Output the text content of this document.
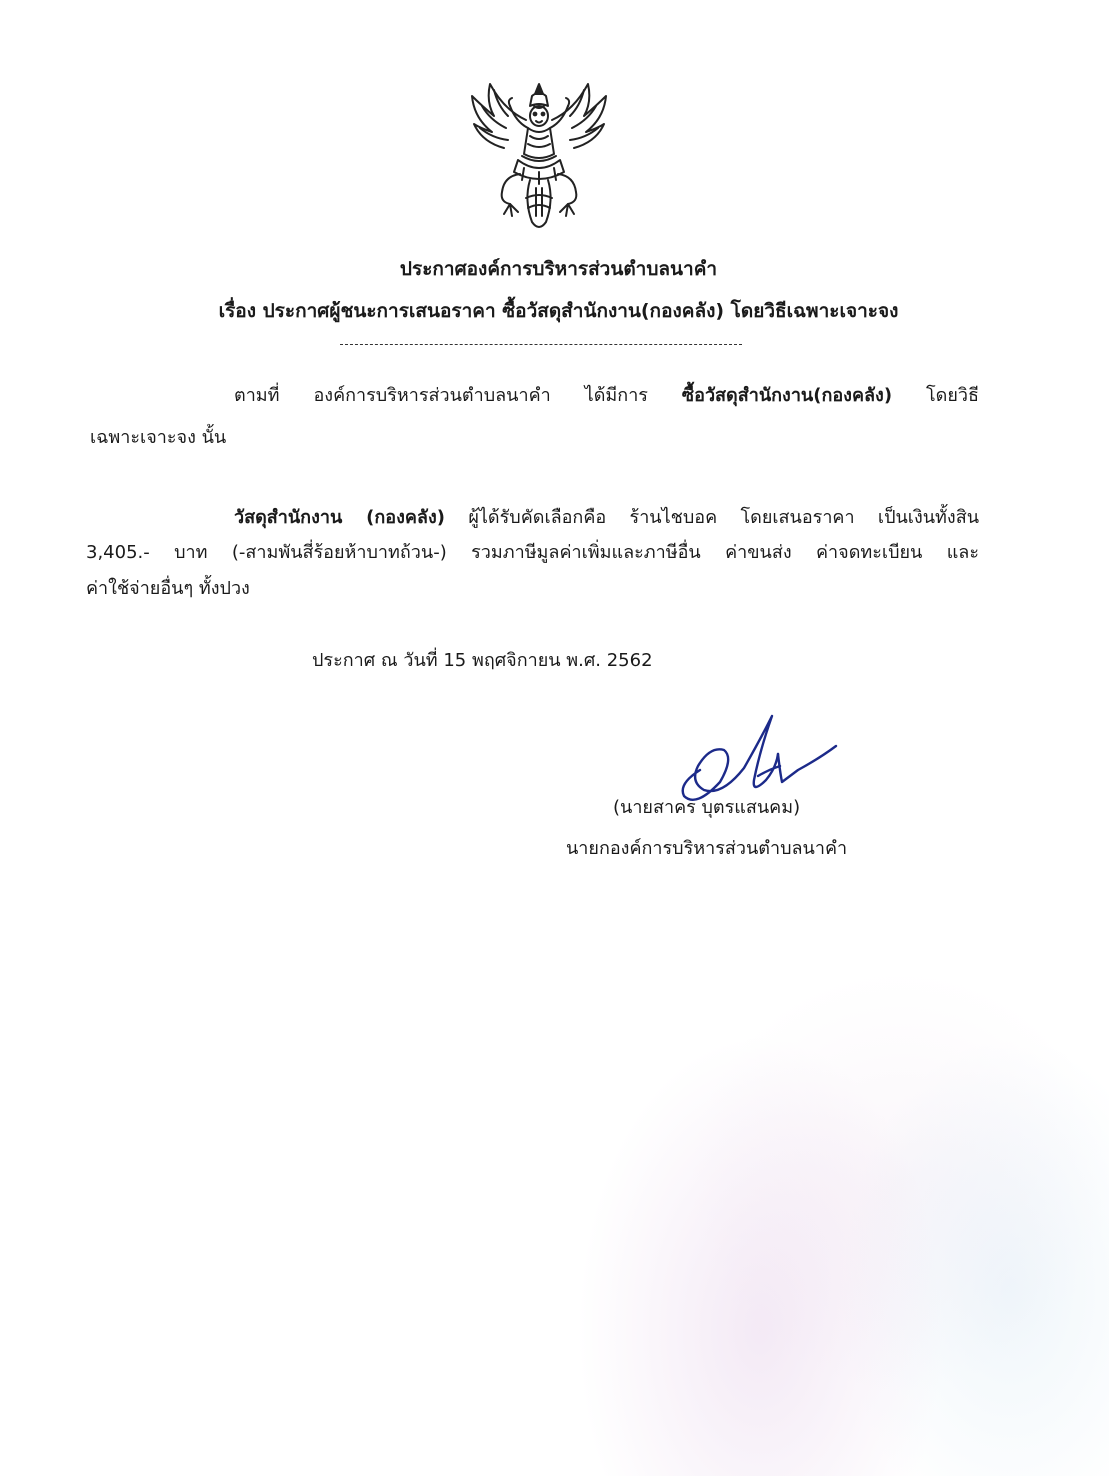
ประกาศองค์การบริหารส่วนตำบลนาคำ
เรื่อง ประกาศผู้ชนะการเสนอราคา ซื้อวัสดุสำนักงาน(กองคลัง) โดยวิธีเฉพาะเจาะจง
ตามที่ องค์การบริหารส่วนตำบลนาคำ ได้มีการ ซื้อวัสดุสำนักงาน(กองคลัง) โดยวิธี
เฉพาะเจาะจง นั้น
วัสดุสำนักงาน (กองคลัง) ผู้ได้รับคัดเลือกคือ ร้านไชบอค โดยเสนอราคา เป็นเงินทั้งสิน
3,405.- บาท (-สามพันสี่ร้อยห้าบาทถ้วน-) รวมภาษีมูลค่าเพิ่มและภาษีอื่น ค่าขนส่ง ค่าจดทะเบียน และ
ค่าใช้จ่ายอื่นๆ ทั้งปวง
ประกาศ ณ วันที่ 15 พฤศจิกายน พ.ศ. 2562
(นายสาคร บุตรแสนคม)
นายกองค์การบริหารส่วนตำบลนาคำ
